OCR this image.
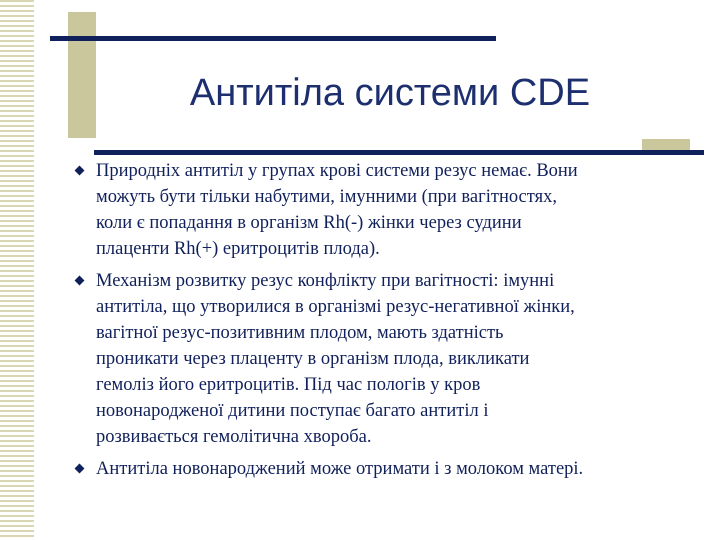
Антитіла системи CDE
Природніх антитіл у групах крові системи резус немає. Вони
можуть бути тільки набутими, імунними (при вагітностях,
коли є попадання в організм Rh(-) жінки через судини
плаценти Rh(+) еритроцитів плода).
Механізм розвитку резус конфлікту при вагітності: імунні
антитіла, що утворилися в організмі резус-негативної жінки,
вагітної резус-позитивним плодом, мають здатність
проникати через плаценту в організм плода, викликати
гемоліз його еритроцитів. Під час пологів у кров
новонародженої дитини поступає багато антитіл і
розвивається гемолітична хвороба.
Антитіла новонароджений може отримати і з молоком матері.
